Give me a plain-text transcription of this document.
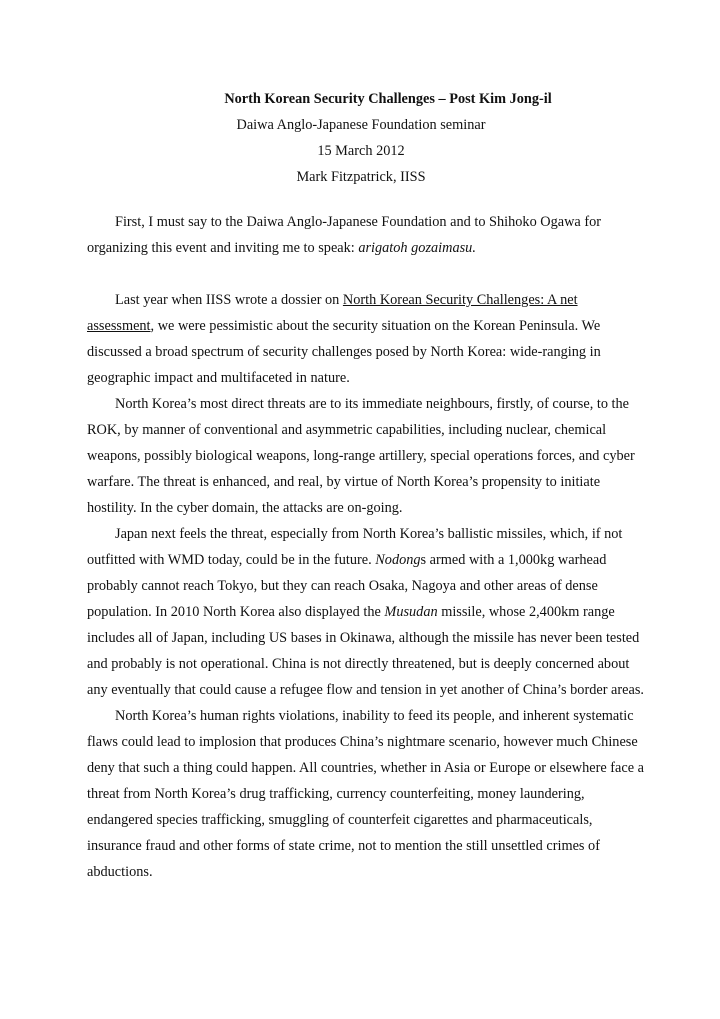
North Korean Security Challenges – Post Kim Jong-il
Daiwa Anglo-Japanese Foundation seminar
15 March 2012
Mark Fitzpatrick, IISS

First, I must say to the Daiwa Anglo-Japanese Foundation and to Shihoko Ogawa for organizing this event and inviting me to speak: arigatoh gozaimasu.

Last year when IISS wrote a dossier on North Korean Security Challenges: A net assessment, we were pessimistic about the security situation on the Korean Peninsula. We discussed a broad spectrum of security challenges posed by North Korea: wide-ranging in geographic impact and multifaceted in nature.

North Korea’s most direct threats are to its immediate neighbours, firstly, of course, to the ROK, by manner of conventional and asymmetric capabilities, including nuclear, chemical weapons, possibly biological weapons, long-range artillery, special operations forces, and cyber warfare. The threat is enhanced, and real, by virtue of North Korea’s propensity to initiate hostility. In the cyber domain, the attacks are on-going.

Japan next feels the threat, especially from North Korea’s ballistic missiles, which, if not outfitted with WMD today, could be in the future. Nodongs armed with a 1,000kg warhead probably cannot reach Tokyo, but they can reach Osaka, Nagoya and other areas of dense population. In 2010 North Korea also displayed the Musudan missile, whose 2,400km range includes all of Japan, including US bases in Okinawa, although the missile has never been tested and probably is not operational. China is not directly threatened, but is deeply concerned about any eventually that could cause a refugee flow and tension in yet another of China’s border areas.

North Korea’s human rights violations, inability to feed its people, and inherent systematic flaws could lead to implosion that produces China’s nightmare scenario, however much Chinese deny that such a thing could happen. All countries, whether in Asia or Europe or elsewhere face a threat from North Korea’s drug trafficking, currency counterfeiting, money laundering, endangered species trafficking, smuggling of counterfeit cigarettes and pharmaceuticals, insurance fraud and other forms of state crime, not to mention the still unsettled crimes of abductions.
